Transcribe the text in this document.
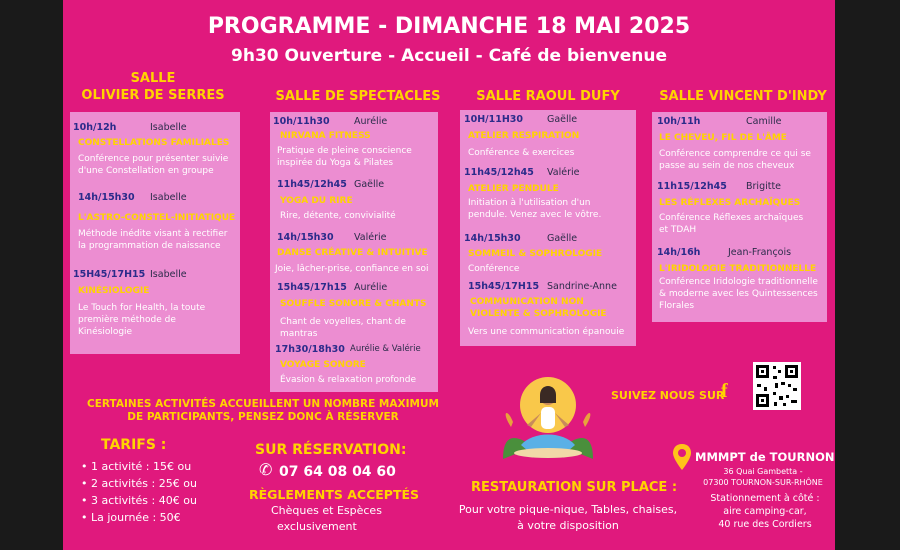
PROGRAMME - DIMANCHE 18 MAI 2025
9h30 Ouverture - Accueil - Café de bienvenue
SALLE
OLIVIER DE SERRES	SALLE DE SPECTACLES	SALLE RAOUL DUFY	SALLE VINCENT D'INDY
10h/12h	Isabelle
CONSTELLATIONS FAMILIALES
Conférence pour présenter suivie d'une Constellation en groupe
14h/15h30 Isabelle
L'ASTRO-CONSTEL-INITIATIQUE
Méthode inédite visant à rectifier la programmation de naissance
15H45/17H15 Isabelle
KINÉSIOLOGIE
Le Touch for Health, la toute première méthode de Kinésiologie
10h/11h30	Aurélie
NIRVANA FITNESS
Pratique de pleine conscience inspirée du Yoga & Pilates
11h45/12h45 Gaëlle
YOGA DU RIRE
Rire, détente, convivialité
14h/15h30 Valérie
DANSE CRÉATIVE & INTUITIVE
Joie, lâcher-prise, confiance en soi
15h45/17h15 Aurélie
SOUFFLE SONORE & CHANTS
Chant de voyelles, chant de mantras
17h30/18h30 Aurélie & Valérie
VOYAGE SONORE
Évasion & relaxation profonde
10H/11H30	Gaëlle
ATELIER RESPIRATION
Conférence & exercices
11h45/12h45 Valérie
ATELIER PENDULE
Initiation à l'utilisation d'un pendule. Venez avec le vôtre.
14h/15h30	Gaëlle
SOMMEIL & SOPHROLOGIE
Conférence
15h45/17H15 Sandrine-Anne
COMMUNICATION NON VIOLENTE & SOPHROLOGIE
Vers une communication épanouie
10h/11h	Camille
LE CHEVEU, FIL DE L'ÂME
Conférence comprendre ce qui se passe au sein de nos cheveux
11h15/12h45 Brigitte
LES RÉFLEXES ARCHAÏQUES
Conférence Réflexes archaïques et TDAH
14h/16h	Jean-François
L'IRIDOLOGIE TRADITIONNELLE
Conférence Iridologie traditionnelle & moderne avec les Quintessences Florales
CERTAINES ACTIVITÉS ACCUEILLENT UN NOMBRE MAXIMUM
DE PARTICIPANTS, PENSEZ DONC À RÉSERVER
TARIFS :
• 1 activité : 15€ ou
• 2 activités : 25€ ou
• 3 activités : 40€ ou
• La journée : 50€
SUR RÉSERVATION:
✆ 07 64 08 04 60
RÈGLEMENTS ACCEPTÉS
Chèques et Espèces
exclusivement
RESTAURATION SUR PLACE :
Pour votre pique-nique, Tables, chaises,
à votre disposition
SUIVEZ NOUS SUR
f
MMMPT de TOURNON
36 Quai Gambetta -
07300 TOURNON-SUR-RHÔNE
Stationnement à côté :
aire camping-car,
40 rue des Cordiers
